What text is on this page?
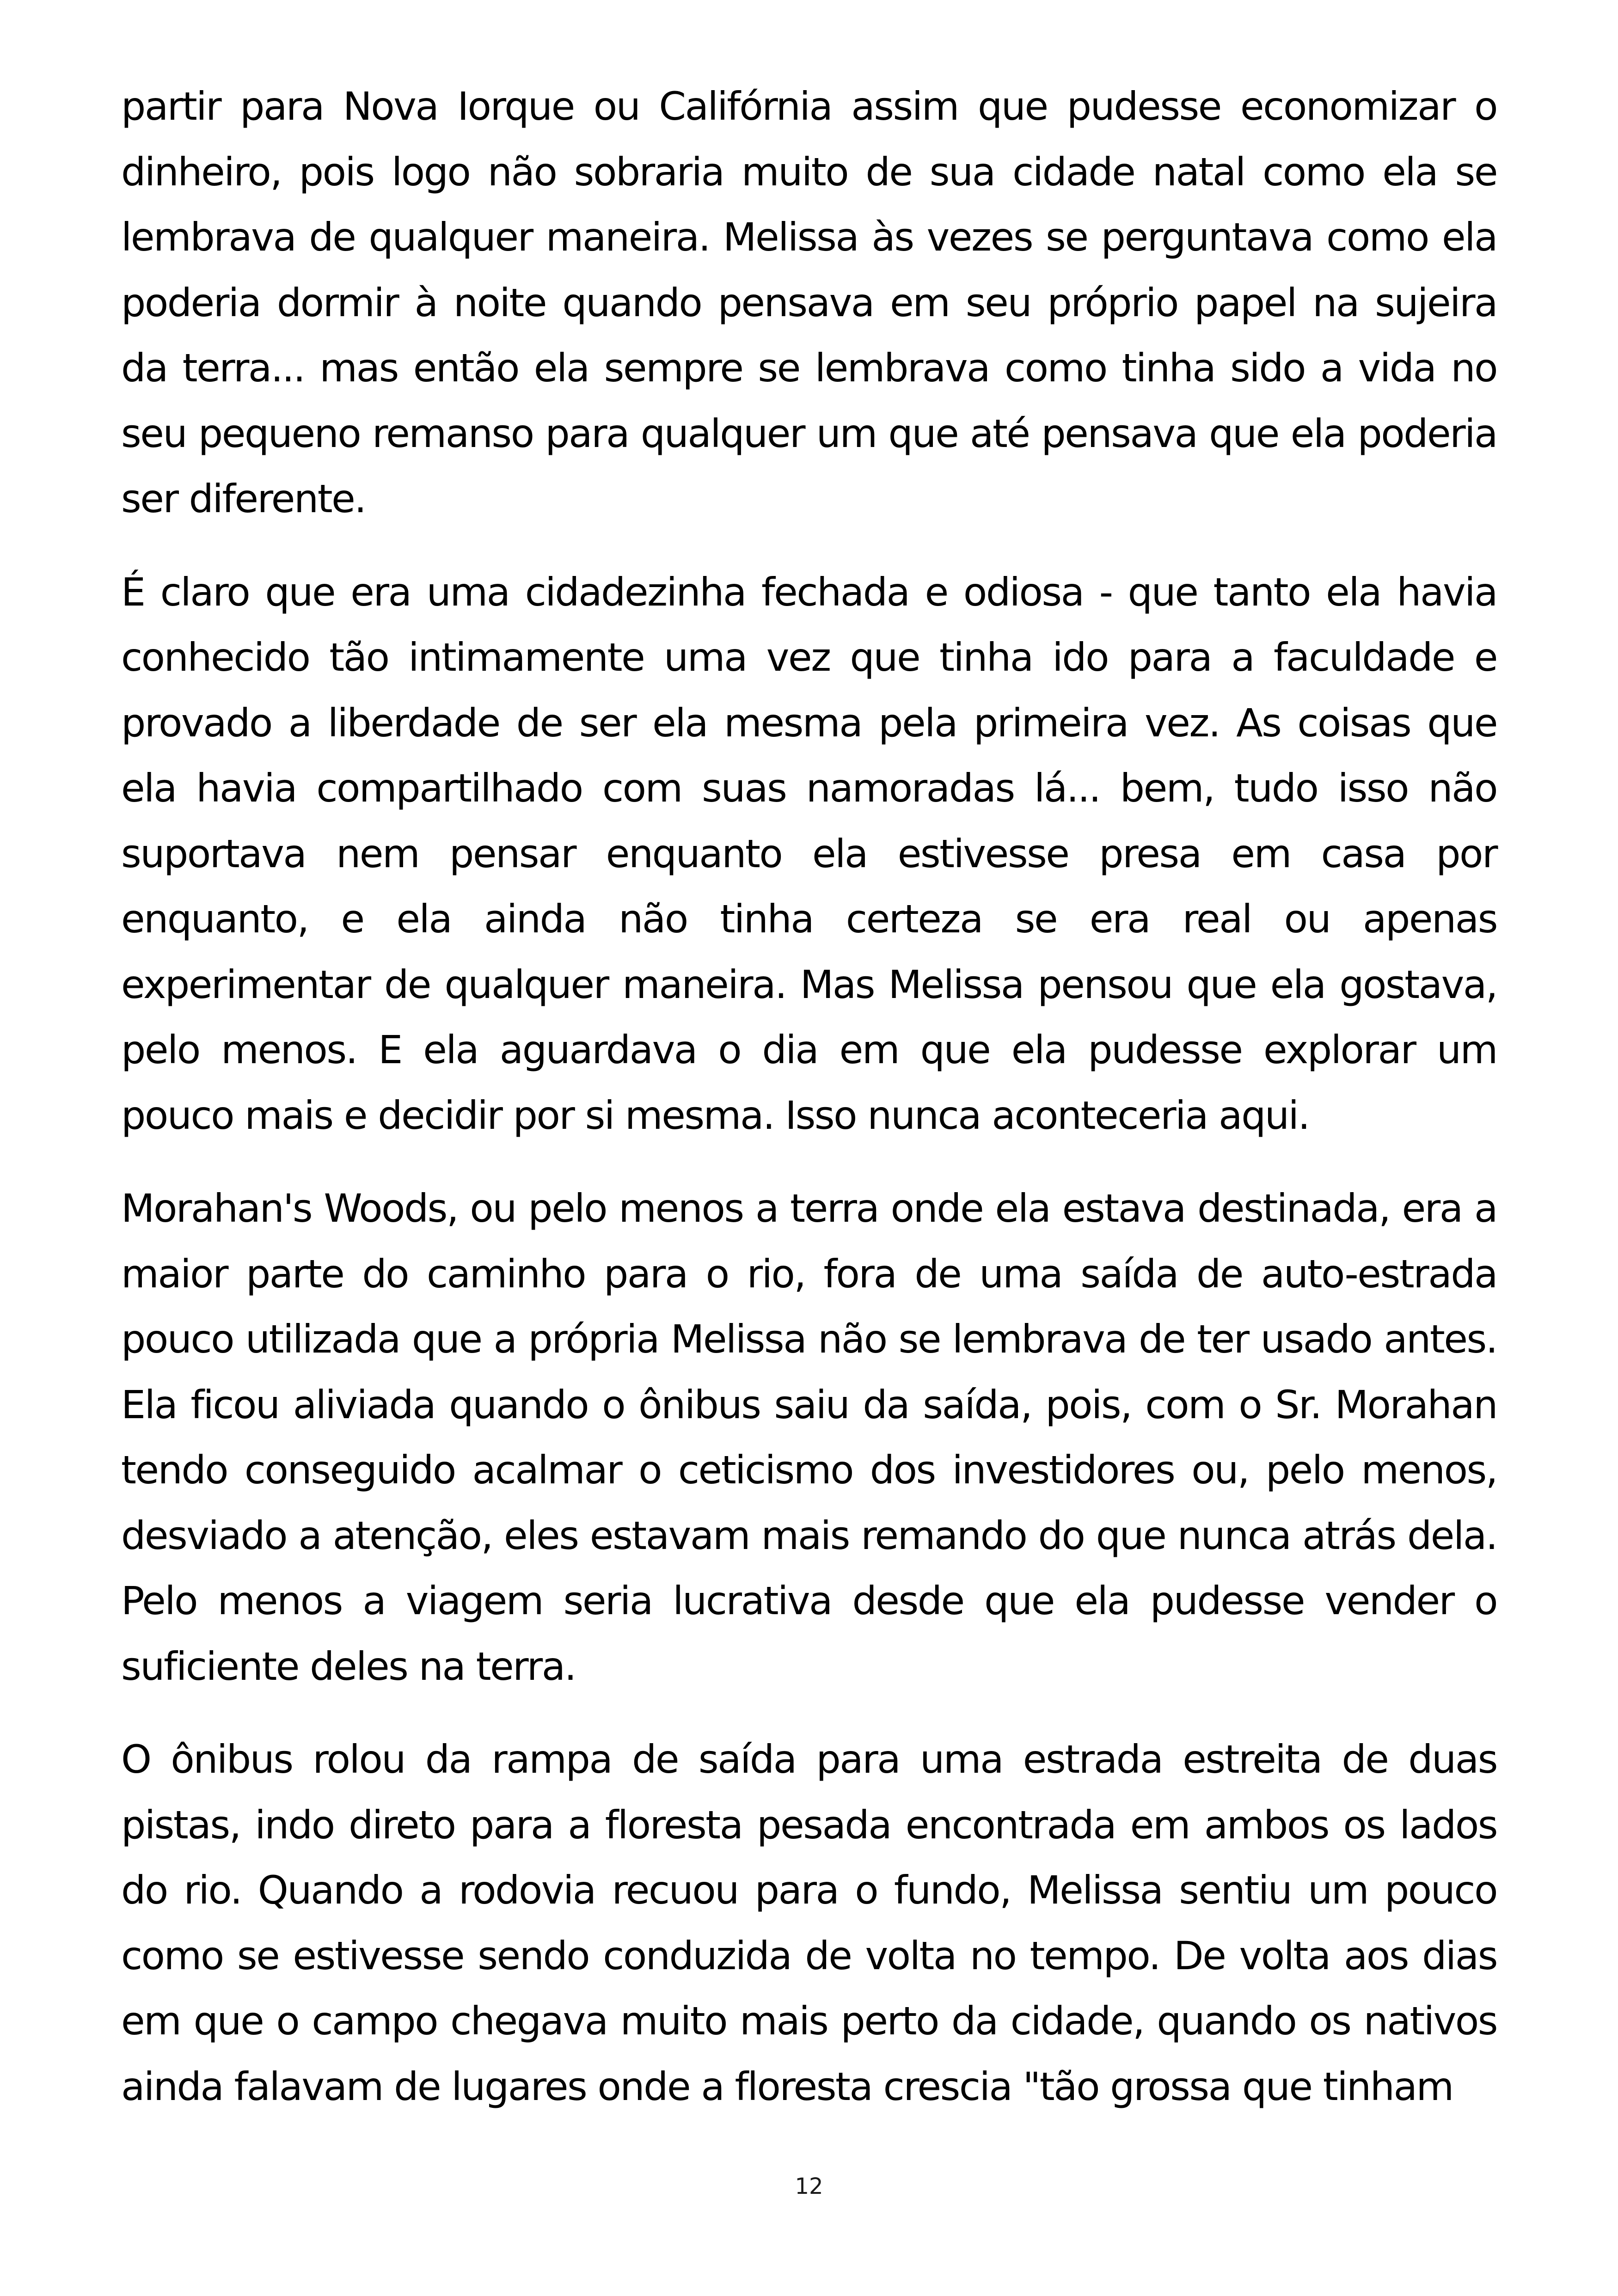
partir para Nova Iorque ou Califórnia assim que pudesse economizar o dinheiro, pois logo não sobraria muito de sua cidade natal como ela se lembrava de qualquer maneira. Melissa às vezes se perguntava como ela poderia dormir à noite quando pensava em seu próprio papel na sujeira da terra... mas então ela sempre se lembrava como tinha sido a vida no seu pequeno remanso para qualquer um que até pensava que ela poderia ser diferente.

É claro que era uma cidadezinha fechada e odiosa - que tanto ela havia conhecido tão intimamente uma vez que tinha ido para a faculdade e provado a liberdade de ser ela mesma pela primeira vez. As coisas que ela havia compartilhado com suas namoradas lá... bem, tudo isso não suportava nem pensar enquanto ela estivesse presa em casa por enquanto, e ela ainda não tinha certeza se era real ou apenas experimentar de qualquer maneira. Mas Melissa pensou que ela gostava, pelo menos. E ela aguardava o dia em que ela pudesse explorar um pouco mais e decidir por si mesma. Isso nunca aconteceria aqui.

Morahan's Woods, ou pelo menos a terra onde ela estava destinada, era a maior parte do caminho para o rio, fora de uma saída de auto-estrada pouco utilizada que a própria Melissa não se lembrava de ter usado antes. Ela ficou aliviada quando o ônibus saiu da saída, pois, com o Sr. Morahan tendo conseguido acalmar o ceticismo dos investidores ou, pelo menos, desviado a atenção, eles estavam mais remando do que nunca atrás dela. Pelo menos a viagem seria lucrativa desde que ela pudesse vender o suficiente deles na terra.

O ônibus rolou da rampa de saída para uma estrada estreita de duas pistas, indo direto para a floresta pesada encontrada em ambos os lados do rio. Quando a rodovia recuou para o fundo, Melissa sentiu um pouco como se estivesse sendo conduzida de volta no tempo. De volta aos dias em que o campo chegava muito mais perto da cidade, quando os nativos ainda falavam de lugares onde a floresta crescia "tão grossa que tinham

12
